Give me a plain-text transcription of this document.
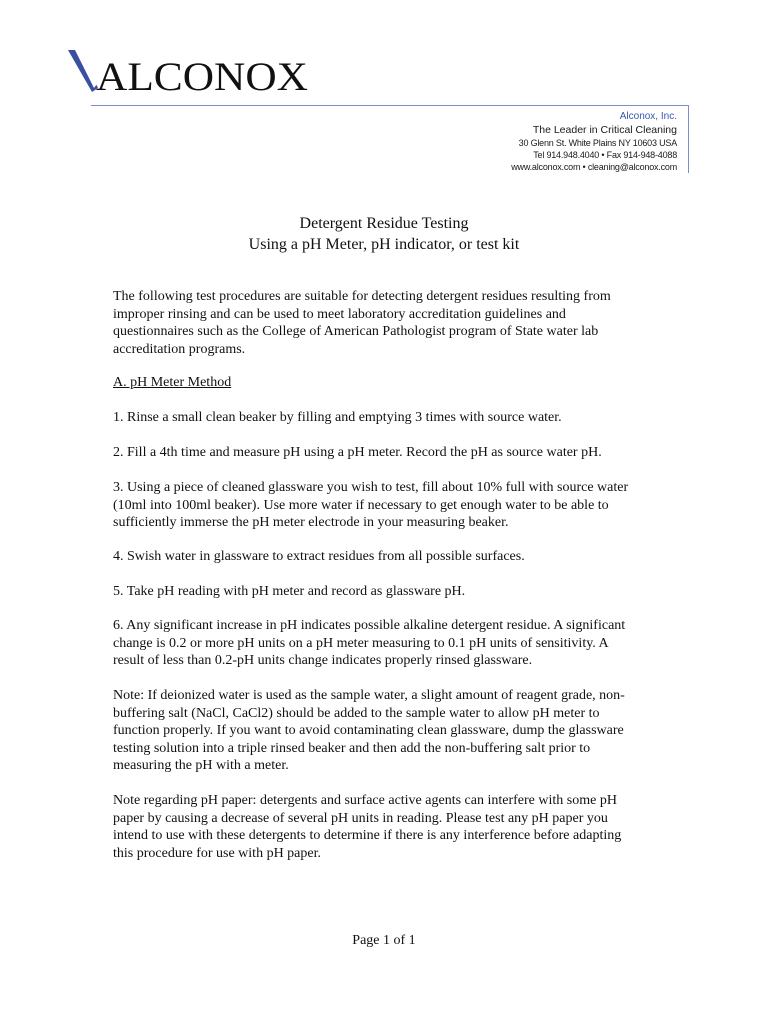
ALCONOX
Alconox, Inc.
The Leader in Critical Cleaning
30 Glenn St. White Plains NY 10603 USA
Tel 914.948.4040 • Fax 914-948-4088
www.alconox.com • cleaning@alconox.com
Detergent Residue Testing
Using a pH Meter, pH indicator, or test kit

The following test procedures are suitable for detecting detergent residues resulting from
improper rinsing and can be used to meet laboratory accreditation guidelines and
questionnaires such as the College of American Pathologist program of State water lab
accreditation programs.

A. pH Meter Method

1. Rinse a small clean beaker by filling and emptying 3 times with source water.

2. Fill a 4th time and measure pH using a pH meter. Record the pH as source water pH.

3. Using a piece of cleaned glassware you wish to test, fill about 10% full with source water
(10ml into 100ml beaker). Use more water if necessary to get enough water to be able to
sufficiently immerse the pH meter electrode in your measuring beaker.

4. Swish water in glassware to extract residues from all possible surfaces.

5. Take pH reading with pH meter and record as glassware pH.

6. Any significant increase in pH indicates possible alkaline detergent residue. A significant
change is 0.2 or more pH units on a pH meter measuring to 0.1 pH units of sensitivity. A
result of less than 0.2-pH units change indicates properly rinsed glassware.

Note: If deionized water is used as the sample water, a slight amount of reagent grade, non-
buffering salt (NaCl, CaCl2) should be added to the sample water to allow pH meter to
function properly. If you want to avoid contaminating clean glassware, dump the glassware
testing solution into a triple rinsed beaker and then add the non-buffering salt prior to
measuring the pH with a meter.

Note regarding pH paper: detergents and surface active agents can interfere with some pH
paper by causing a decrease of several pH units in reading. Please test any pH paper you
intend to use with these detergents to determine if there is any interference before adapting
this procedure for use with pH paper.

Page 1 of 1
